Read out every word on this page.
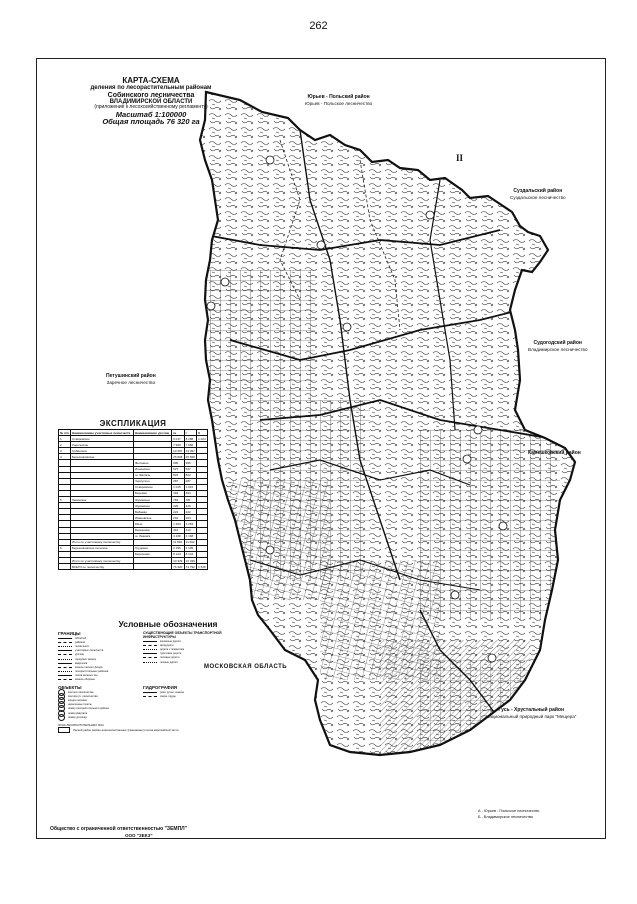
262
КАРТА-СХЕМА
деления по лесорастительным районам
Собинского лесничества
ВЛАДИМИРСКОЙ ОБЛАСТИ
(приложение к лесохозяйственному регламенту)
Масштаб 1:100000
Общая площадь 76 320 га
Юрьев - Польский район
Юрьев - Польское лесничество
II
Суздальский район
Суздальское лесничество
Судогодский район
Владимирское лесничество
Петушинский район
Заречное лесничество
Камешковский район
МОСКОВСКАЯ ОБЛАСТЬ
Гусь - Хрустальный район
Национальный природный парк "Мещера"
ЭКСПЛИКАЦИЯ
№ п/п	Наименование участковых лесничеств	Наименование урочищ	га	I	II
1	Ставровское		9 017	8 288	1 024
2	Ундольское		7 960	7 960	
3	Собинское		13 397	13 397	
4	Березниковское		25 828	25 828	
		Фетинино	995	995	
		Ильинское	527	527	
		ш. Заклязь	822	822	
		Черкутино	287	287	
		Ставровское	1 015	1 015	
		Бережки	494	494	
5	Лакинское	Жуковское	781	781	
		Жуковское	229	229	
		Бабаево	222	222	
		Ивановское	204	204	
		Мячи	1 263	1 263	
		Березники	410	410	
		ш. Лакинск	4 168	4 168	
	Итого по участковому лесничеству		11 592	11 592	
6	Березниковское сельское	Трудовое	2 195	2 195	
		Березники	8 144	8 144	
	Итого по участковому лесничеству		10 339	10 339	
	ВСЕГО по лесничеству		76 320	74 792	1 528
Условные обозначения
ГРАНИЦЫ
областей
районов
лесничеств
участковых лесничеств
урочищ
городских земель
кварталов
земель лесного фонда
лесорастительных районов
лесов зеленых зон
земель обороны
СУЩЕСТВУЮЩИЕ ОБЪЕКТЫ ТРАНСПОРТНОЙ ИНФРАСТРУКТУРЫ
железные дороги
автодороги
дороги с покрытием
грунтовые дороги
полевые дороги
лесные дороги
ОБЪЕКТЫ
контора лесничества
контора уч. лесничества
кордон лесника
населенные пункты
номер лесорастительного района
номер квартала
номер урочища
ГИДРОГРАФИЯ
реки, ручьи, каналы
озера, пруды
ЗОНА ЛЕСОРАСТИТЕЛЬНЫХ ЗОН
Лесной район хвойно-широколиственных (смешанных) лесов европейской части
А - Юрьев - Польское лесничество
Б - Владимирское лесничество
Общество с ограниченной ответственностью "ЗЕМПЛ"
ООО "ЗЕКЗ"
